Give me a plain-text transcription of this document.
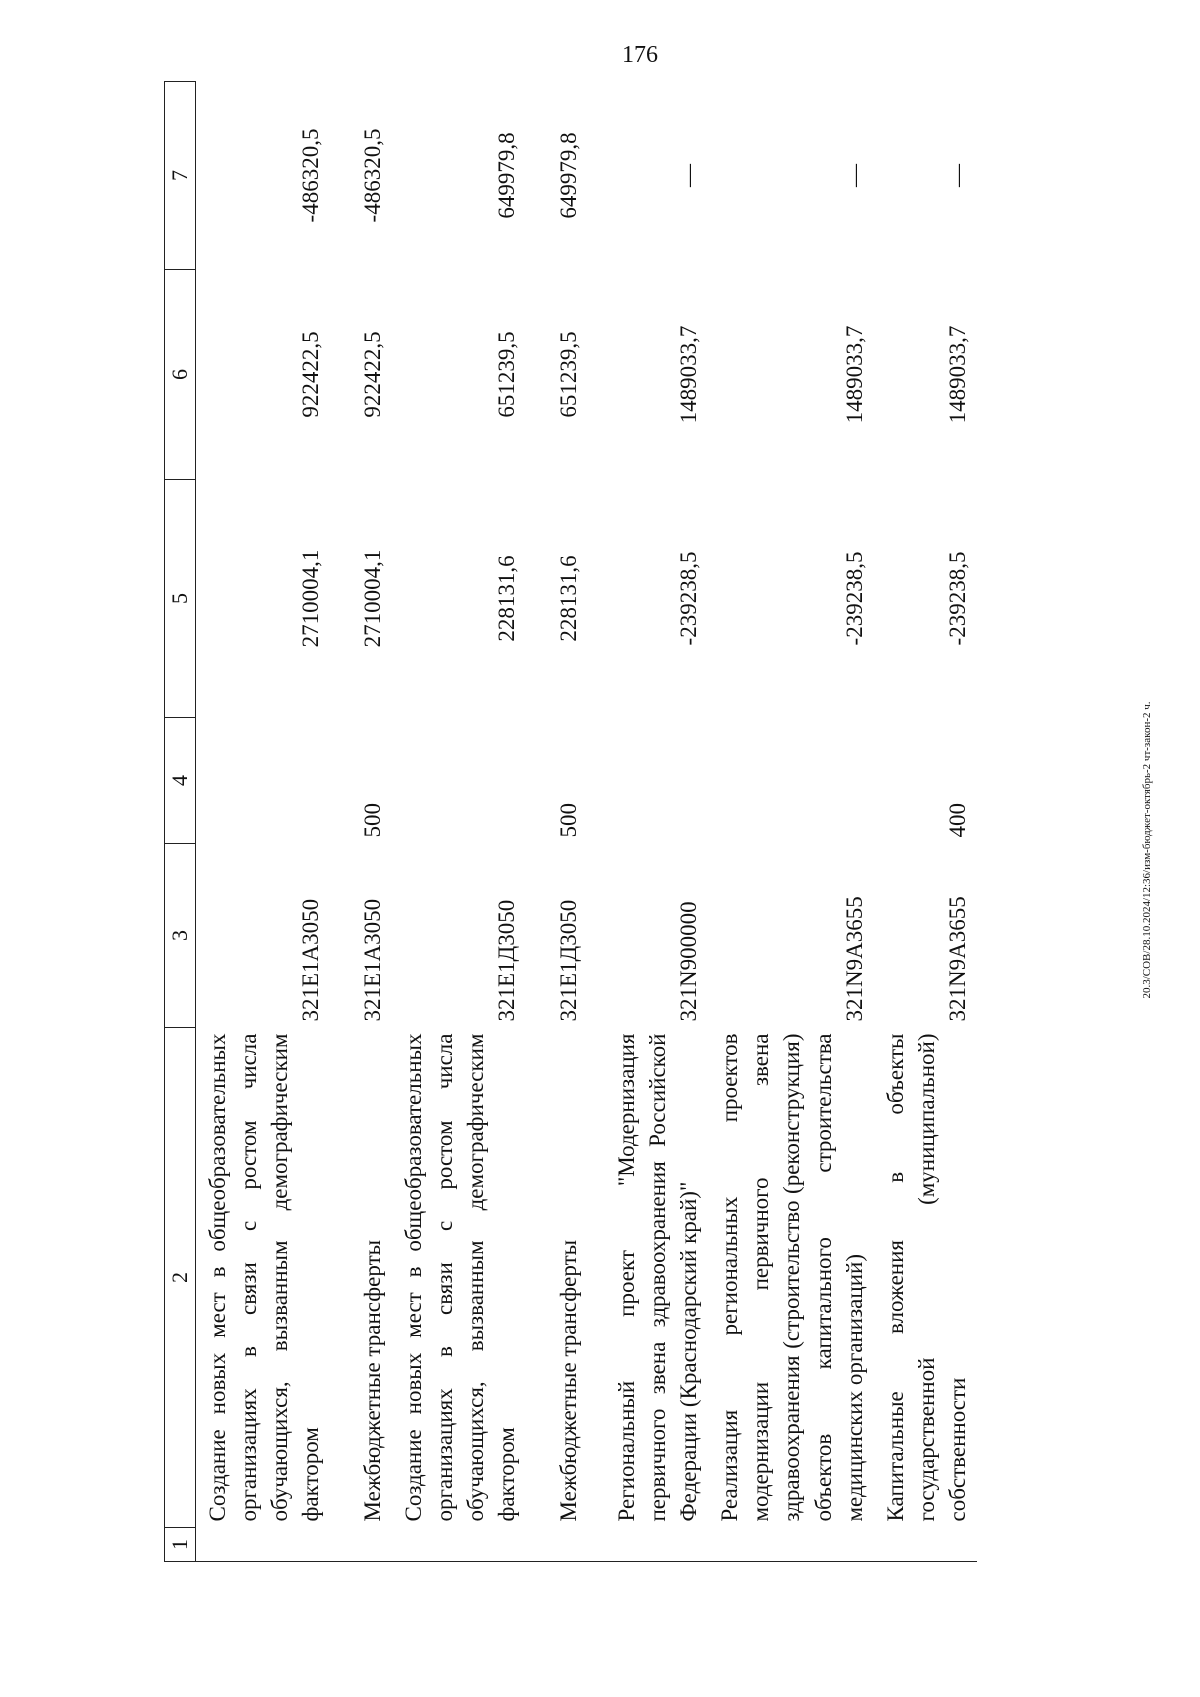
176
20.3/СОВ/28.10.2024/12:36/изм-бюджет-октябрь-2 чт-закон-2 ч.
1	2	3	4	5	6	7
	Создание новых мест в общеобразовательных организациях в связи с ростом числа обучающихся, вызванным демографическим фактором	321E1А3050		2710004,1	922422,5	-486320,5
	Межбюджетные трансферты	321E1А3050	500	2710004,1	922422,5	-486320,5
	Создание новых мест в общеобразовательных организациях в связи с ростом числа обучающихся, вызванным демографическим фактором	321E1Д3050		228131,6	651239,5	649979,8
	Межбюджетные трансферты	321E1Д3050	500	228131,6	651239,5	649979,8
	Региональный проект "Модернизация первичного звена здравоохранения Российской Федерации (Краснодарский край)"	321N900000		-239238,5	1489033,7	—
	Реализация региональных проектов модернизации первичного звена здравоохранения (строительство (реконструкция) объектов капитального строительства медицинских организаций)	321N9А3655		-239238,5	1489033,7	—
	Капитальные вложения в объекты государственной (муниципальной) собственности	321N9А3655	400	-239238,5	1489033,7	—
